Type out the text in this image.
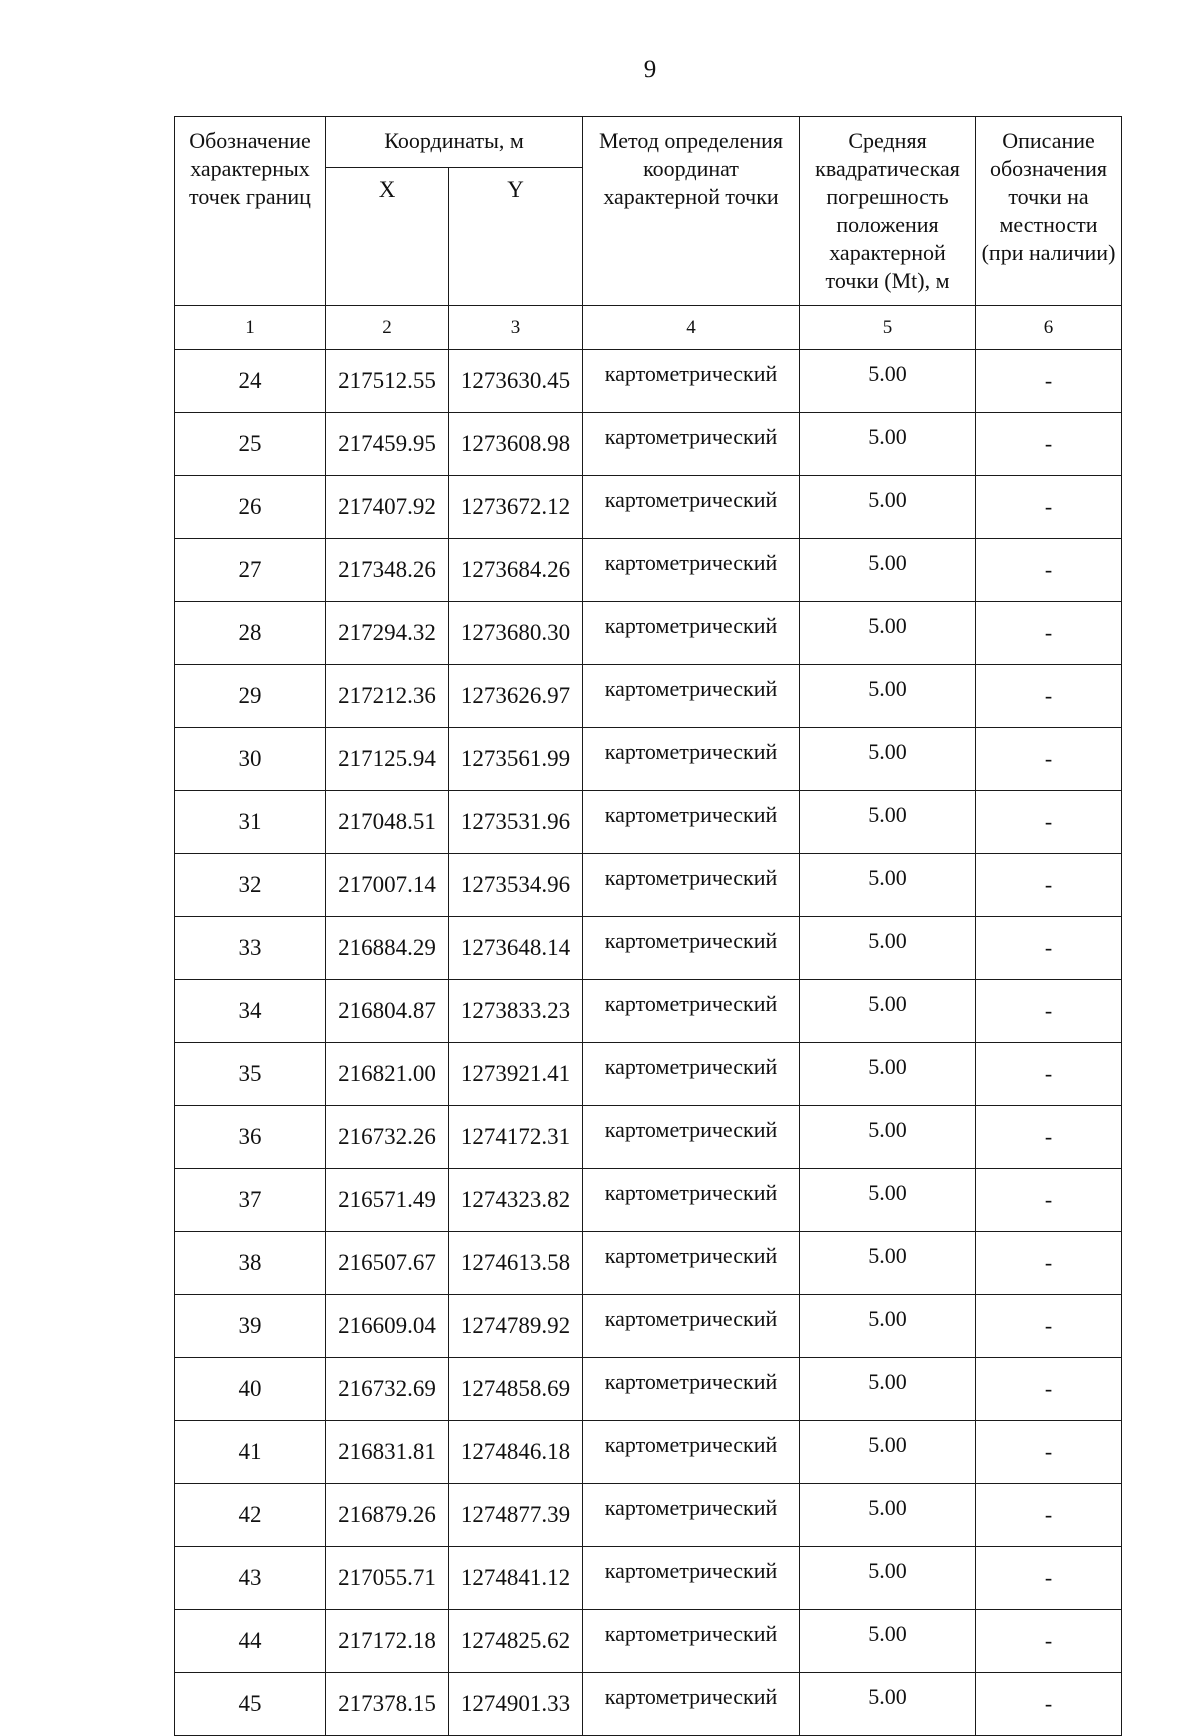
9
Обозначение характерных точек границ	Координаты, м		Метод определения координат характерной точки	Средняя квадратическая погрешность положения характерной точки (Mt), м	Описание обозначения точки на местности (при наличии)
	X	Y			
1	2	3	4	5	6
24	217512.55	1273630.45	картометрический	5.00	-
25	217459.95	1273608.98	картометрический	5.00	-
26	217407.92	1273672.12	картометрический	5.00	-
27	217348.26	1273684.26	картометрический	5.00	-
28	217294.32	1273680.30	картометрический	5.00	-
29	217212.36	1273626.97	картометрический	5.00	-
30	217125.94	1273561.99	картометрический	5.00	-
31	217048.51	1273531.96	картометрический	5.00	-
32	217007.14	1273534.96	картометрический	5.00	-
33	216884.29	1273648.14	картометрический	5.00	-
34	216804.87	1273833.23	картометрический	5.00	-
35	216821.00	1273921.41	картометрический	5.00	-
36	216732.26	1274172.31	картометрический	5.00	-
37	216571.49	1274323.82	картометрический	5.00	-
38	216507.67	1274613.58	картометрический	5.00	-
39	216609.04	1274789.92	картометрический	5.00	-
40	216732.69	1274858.69	картометрический	5.00	-
41	216831.81	1274846.18	картометрический	5.00	-
42	216879.26	1274877.39	картометрический	5.00	-
43	217055.71	1274841.12	картометрический	5.00	-
44	217172.18	1274825.62	картометрический	5.00	-
45	217378.15	1274901.33	картометрический	5.00	-
